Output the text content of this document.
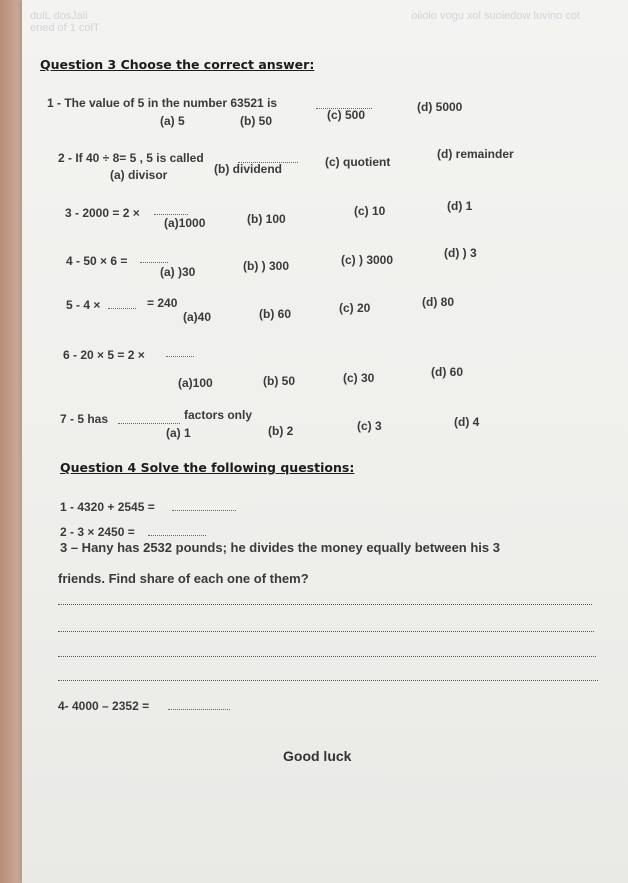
dulL dosJali
ened of 1 colT
oiiolo vogu xol suoiedow luvino cot
Question 3 Choose the correct answer:
1 - The value of 5 in the number 63521 is
(a) 5	(b) 50	(c) 500
(d) 5000
2 - If 40 ÷ 8= 5 , 5 is called
(a) divisor	(b) dividend	(c) quotient
(d) remainder
3 - 2000 = 2 ×
(a)1000	(b) 100
(c) 10	(d) 1
4 - 50 × 6 =
(a) )30	(b) ) 300	(c) ) 3000	(d) ) 3
5 - 4 ×	= 240
(a)40	(b) 60	(c) 20	(d) 80
6 - 20 × 5 = 2 ×
(a)100	(b) 50	(c) 30	(d) 60
7 - 5 has	factors only
(a) 1	(b) 2	(c) 3	(d) 4
Question 4 Solve the following questions:
1 - 4320 + 2545 =
2 - 3 × 2450 =
3 – Hany has 2532 pounds; he divides the money equally between his 3
friends. Find share of each one of them?
4- 4000 – 2352 =
Good luck
